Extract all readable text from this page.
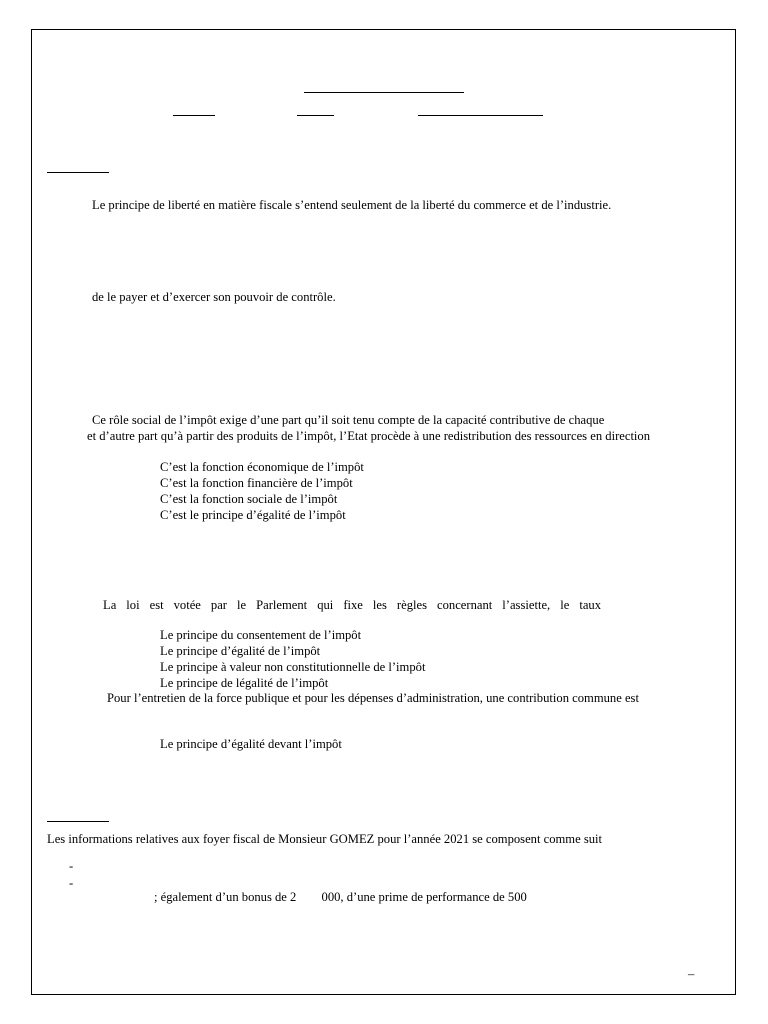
Le principe de liberté en matière fiscale s’entend seulement de la liberté du commerce et de l’industrie.
de le payer et d’exercer son pouvoir de contrôle.
Ce rôle social de l’impôt exige d’une part qu’il soit tenu compte de la capacité contributive de chaque
et d’autre part qu’à partir des produits de l’impôt, l’Etat procède à une redistribution des ressources en direction
C’est la fonction économique de l’impôt
C’est la fonction financière de l’impôt
C’est la fonction sociale de l’impôt
C’est le principe d’égalité de l’impôt
La loi est votée par le Parlement qui fixe les règles concernant l’assiette, le taux
Le principe du consentement de l’impôt
Le principe d’égalité de l’impôt
Le principe à valeur non constitutionnelle de l’impôt
Le principe de légalité de l’impôt
Pour l’entretien de la force publique et pour les dépenses d’administration, une contribution commune est
Le principe d’égalité devant l’impôt
Les informations relatives aux foyer fiscal de Monsieur GOMEZ pour l’année 2021 se composent comme suit
-
-
; également d’un bonus de 2        000, d’une prime de performance de 500
–
